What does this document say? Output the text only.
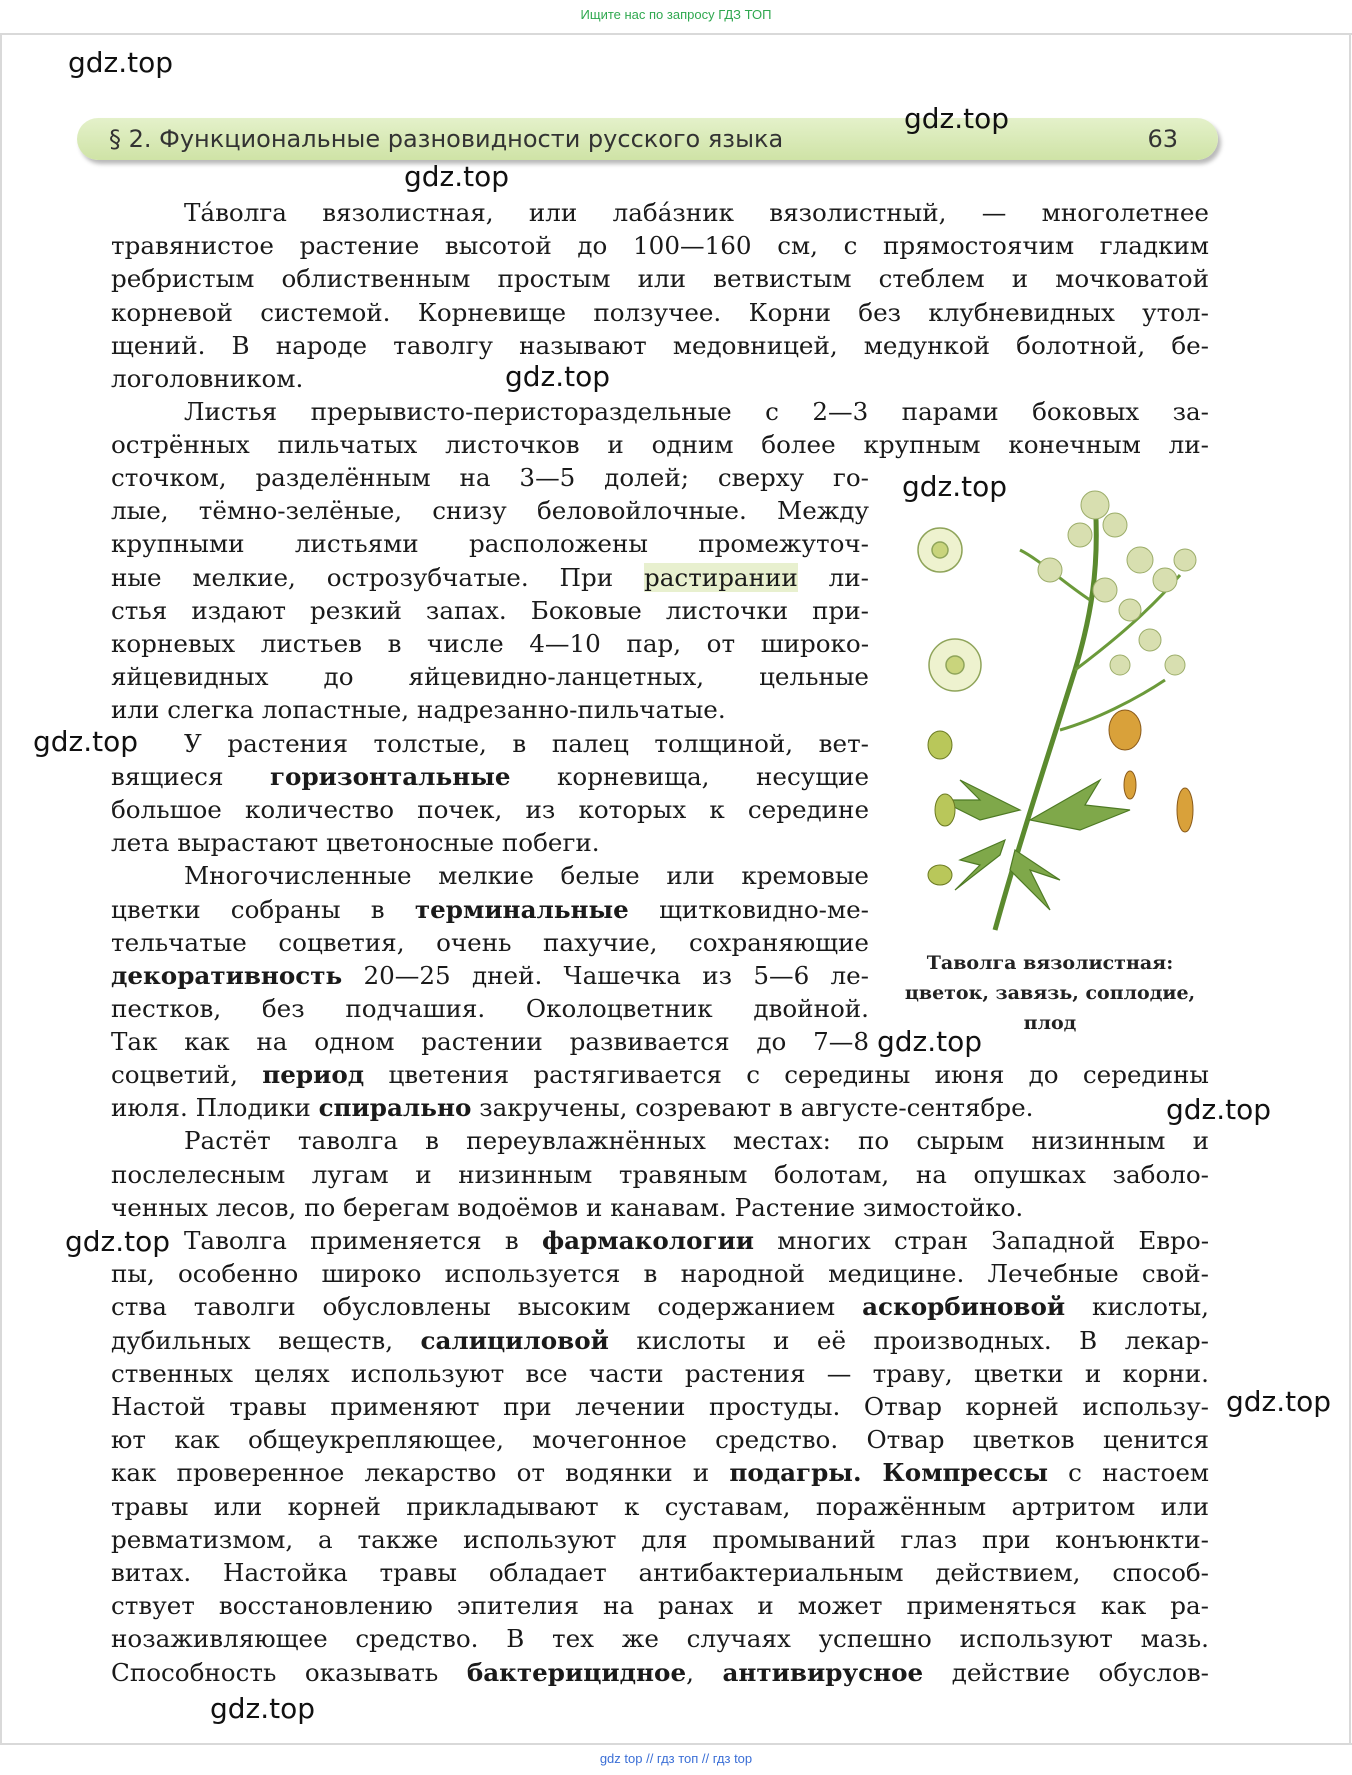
Ищите нас по запросу ГДЗ ТОП
§ 2. Функциональные разновидности русского языка	63
Та́волга вязолистная, или лаба́зник вязолистный, — многолетнее
травянистое растение высотой до 100—160 см, с прямостоячим гладким
ребристым облиственным простым или ветвистым стеблем и мочковатой
корневой системой. Корневище ползучее. Корни без клубневидных утол-
щений. В народе таволгу называют медовницей, медункой болотной, бе-
логоловником.
Листья прерывисто-перистораздельные с 2—3 парами боковых за-
острённых пильчатых листочков и одним более крупным конечным ли-
сточком, разделённым на 3—5 долей; сверху го-
лые, тёмно-зелёные, снизу беловойлочные. Между
крупными листьями расположены промежуточ-
ные мелкие, острозубчатые. При растирании ли-
стья издают резкий запах. Боковые листочки при-
корневых листьев в числе 4—10 пар, от широко-
яйцевидных до яйцевидно-ланцетных, цельные
или слегка лопастные, надрезанно-пильчатые.
У растения толстые, в палец толщиной, вет-
вящиеся горизонтальные корневища, несущие
большое количество почек, из которых к середине
лета вырастают цветоносные побеги.
Многочисленные мелкие белые или кремовые
цветки собраны в терминальные щитковидно-ме-
тельчатые соцветия, очень пахучие, сохраняющие
декоративность 20—25 дней. Чашечка из 5—6 ле-
пестков, без подчашия. Околоцветник двойной.
Так как на одном растении развивается до 7—8
соцветий, период цветения растягивается с середины июня до середины
июля. Плодики спирально закручены, созревают в августе-сентябре.
Растёт таволга в переувлажнённых местах: по сырым низинным и
послелесным лугам и низинным травяным болотам, на опушках заболо-
ченных лесов, по берегам водоёмов и канавам. Растение зимостойко.
Таволга применяется в фармакологии многих стран Западной Евро-
пы, особенно широко используется в народной медицине. Лечебные свой-
ства таволги обусловлены высоким содержанием аскорбиновой кислоты,
дубильных веществ, салициловой кислоты и её производных. В лекар-
ственных целях используют все части растения — траву, цветки и корни.
Настой травы применяют при лечении простуды. Отвар корней использу-
ют как общеукрепляющее, мочегонное средство. Отвар цветков ценится
как проверенное лекарство от водянки и подагры. Компрессы с настоем
травы или корней прикладывают к суставам, поражённым артритом или
ревматизмом, а также используют для промываний глаз при конъюнкти-
витах. Настойка травы обладает антибактериальным действием, способ-
ствует восстановлению эпителия на ранах и может применяться как ра-
нозаживляющее средство. В тех же случаях успешно используют мазь.
Способность оказывать бактерицидное, антивирусное действие обуслов-
Таволга вязолистная:
цветок, завязь, соплодие,
плод
gdz.top
gdz.top
gdz.top
gdz.top
gdz.top
gdz.top
gdz.top
gdz.top
gdz.top
gdz.top
gdz.top
gdz top // гдз топ // гдз top
